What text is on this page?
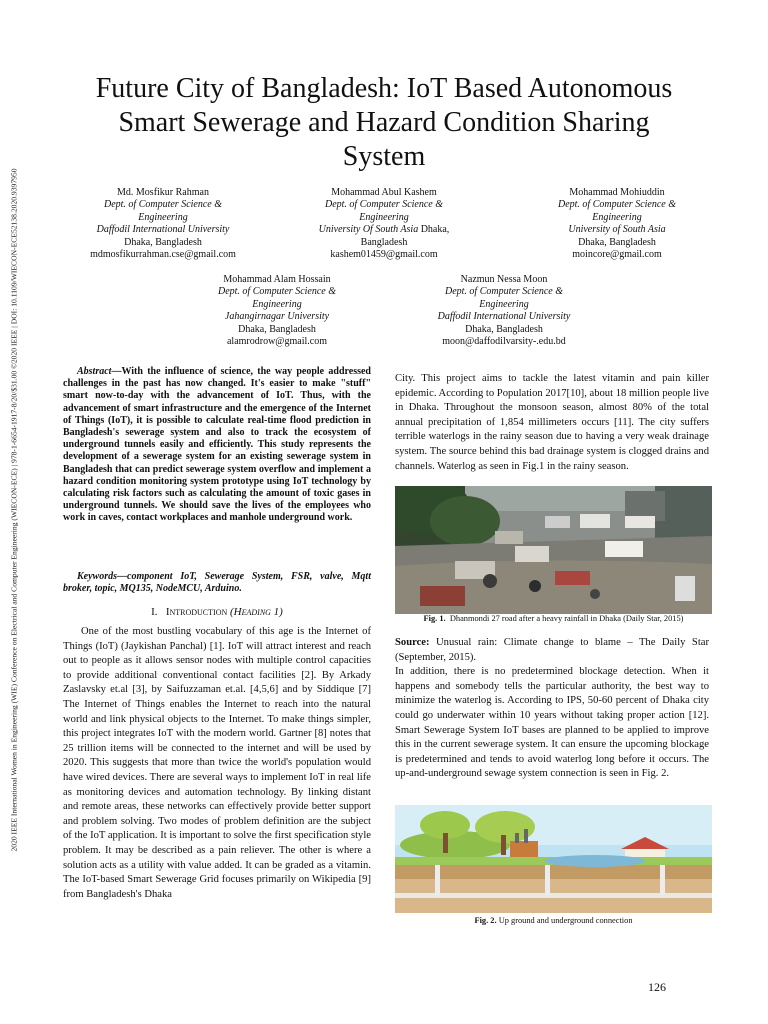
2020 IEEE International Women in Engineering (WIE) Conference on Electrical and Computer Engineering (WIECON-ECE) | 978-1-6654-1917-8/20/$31.00 ©2020 IEEE | DOI: 10.1109/WIECON-ECE52138.2020.9397950
Future City of Bangladesh: IoT Based Autonomous
Smart Sewerage and Hazard Condition Sharing
System
Md. Mosfikur Rahman
Dept. of Computer Science &
Engineering
Daffodil International University
Dhaka, Bangladesh
mdmosfikurrahman.cse@gmail.com
Mohammad Abul Kashem
Dept. of Computer Science &
Engineering
University Of South Asia Dhaka,
Bangladesh
kashem01459@gmail.com
Mohammad Mohiuddin
Dept. of Computer Science &
Engineering
University of South Asia
Dhaka, Bangladesh
moincore@gmail.com
Mohammad Alam Hossain
Dept. of Computer Science &
Engineering
Jahangirnagar University
Dhaka, Bangladesh
alamrodrow@gmail.com
Nazmun Nessa Moon
Dept. of Computer Science &
Engineering
Daffodil International University
Dhaka, Bangladesh
moon@daffodilvarsity-.edu.bd
Abstract—With the influence of science, the way people addressed challenges in the past has now changed. It's easier to make "stuff" smart now-to-day with the advancement of IoT. Thus, with the advancement of smart infrastructure and the emergence of the Internet of Things (IoT), it is possible to calculate real-time flood prediction in Bangladesh's sewerage system and also to track the ecosystem of underground tunnels easily and efficiently. This study represents the development of a sewerage system for an existing sewerage system in Bangladesh that can predict sewerage system overflow and implement a hazard condition monitoring system prototype using IoT technology by calculating risk factors such as calculating the amount of toxic gases in underground tunnels. We should save the lives of the employees who work in caves, contact workplaces and manhole underground work.
Keywords—component IoT, Sewerage System, FSR, valve, Mqtt broker, topic, MQ135, NodeMCU, Arduino.
I. Introduction (Heading 1)

One of the most bustling vocabulary of this age is the Internet of Things (IoT) (Jaykishan Panchal) [1]. IoT will attract interest and reach out to people as it allows sensor nodes with multiple control capacities to provide additional conventional contact facilities [2]. By Arkady Zaslavsky et.al [3], by Saifuzzaman et.al. [4,5,6] and by Siddique [7] The Internet of Things enables the Internet to reach into the natural world and link physical objects to the Internet. To make things simpler, this project integrates IoT with the modern world. Gartner [8] notes that 25 trillion items will be connected to the internet and will be used by 2020. This suggests that more than twice the world's population would have wired devices. There are several ways to implement IoT in real life as monitoring devices and automation technology. By linking distant and remote areas, these networks can effectively provide better support and problem solving. Two modes of problem definition are the subject of the IoT application. It is important to solve the first specification style problem. It may be described as a pain reliever. The other is where a solution acts as a utility with value added. It can be graded as a vitamin. The IoT-based Smart Sewerage Grid focuses primarily on Wikipedia [9] from Bangladesh's Dhaka

City. This project aims to tackle the latest vitamin and pain killer epidemic. According to Population 2017[10], about 18 million people live in Dhaka. Throughout the monsoon season, almost 80% of the total annual precipitation of 1,854 millimeters occurs [11]. The city suffers terrible waterlogs in the rainy season due to having a very weak drainage system. The source behind this bad drainage system is clogged drains and channels. Waterlog as seen in Fig.1 in the rainy season.

Fig. 1. Dhanmondi 27 road after a heavy rainfall in Dhaka (Daily Star, 2015)

Source: Unusual rain: Climate change to blame – The Daily Star (September, 2015).

In addition, there is no predetermined blockage detection. When it happens and somebody tells the particular authority, the best way to minimize the waterlog is. According to IPS, 50-60 percent of Dhaka city could go underwater within 10 years without taking proper action [12]. Smart Sewerage System IoT bases are planned to be applied to improve this in the current sewerage system. It can ensure the upcoming blockage is predetermined and tends to avoid waterlog long before it occurs. The up-and-underground sewage system connection is seen in Fig. 2.

Fig. 2. Up ground and underground connection
126
